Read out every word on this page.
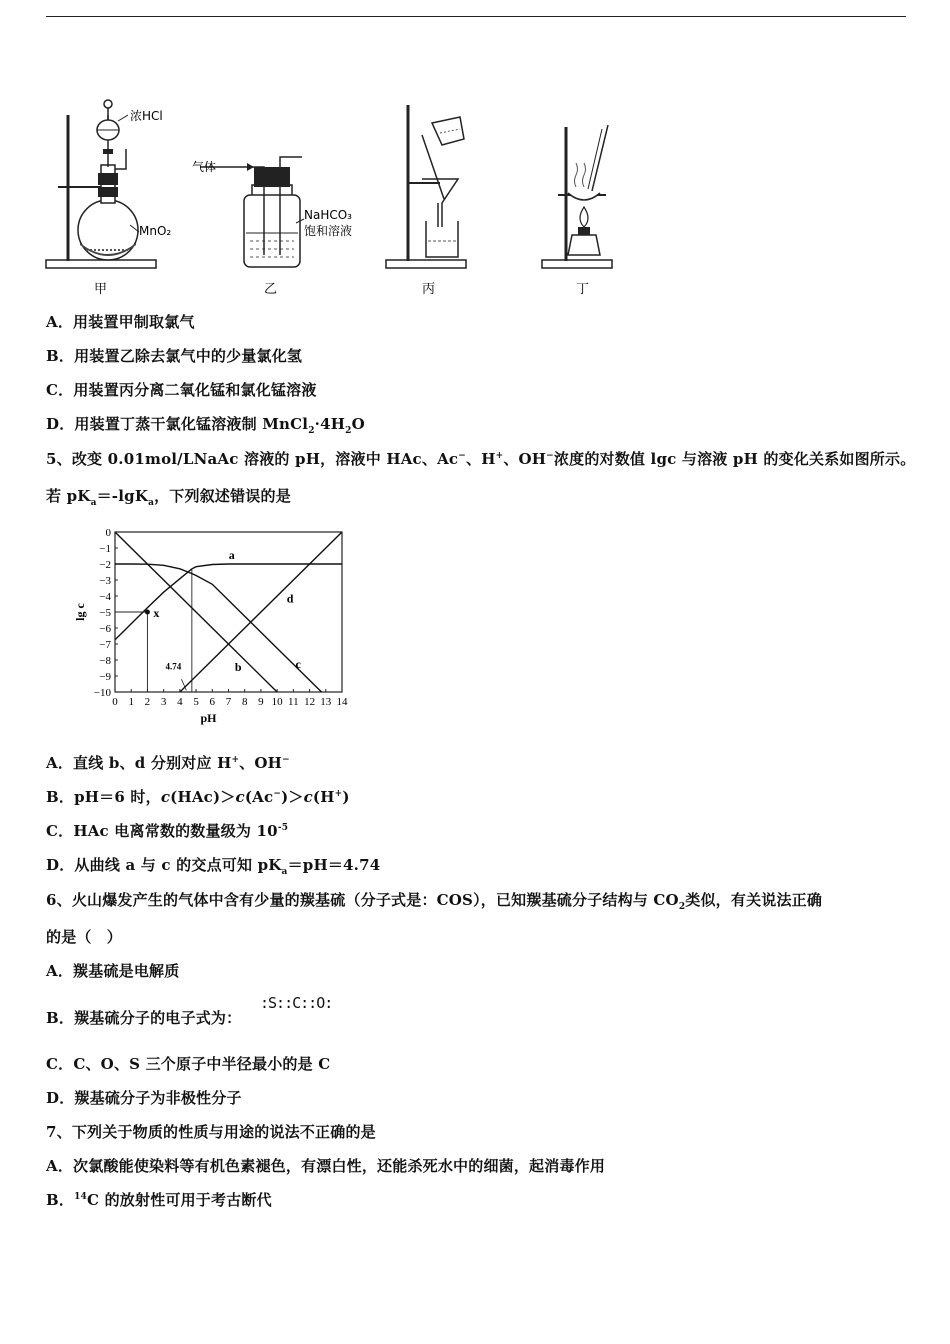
浓HCl
MnO₂
甲
气体
NaHCO₃
饱和溶液
乙	丙	丁
A．用装置甲制取氯气
B．用装置乙除去氯气中的少量氯化氢
C．用装置丙分离二氧化锰和氯化锰溶液
D．用装置丁蒸干氯化锰溶液制 $MnCl_2\cdot 4H_2O$
5、改变 0.01mol/LNaAc 溶液的 pH，溶液中 HAc、Ac−、H+、OH−浓度的对数值 lgc 与溶液 pH 的变化关系如图所示。
若 $pK_a=-\lg K_a$，下列叙述错误的是
0 1 2 3 4 5 6 7 8 9 10 11 12 13 14
0
−1
−2
−3
−4
−5
−6
−7
−8
−9
−10
pH
lg c
4.74
a
c
b
d
x
A．直线 b、d 分别对应 H+、OH−
B．pH＝6 时，c(HAc)＞c(Ac−)＞c(H+)
C．HAc 电离常数的数量级为 $10^{-5}$
D．从曲线 a 与 c 的交点可知 $pK_a=pH=4.74$
6、火山爆发产生的气体中含有少量的羰基硫（分子式是：COS），已知羰基硫分子结构与 $CO_2$类似，有关说法正确
的是（　）
A．羰基硫是电解质
B．羰基硫分子的电子式为：
:S::C::O:
C．C、O、S 三个原子中半径最小的是 C
D．羰基硫分子为非极性分子
7、下列关于物质的性质与用途的说法不正确的是
A．次氯酸能使染料等有机色素褪色，有漂白性，还能杀死水中的细菌，起消毒作用
B．$^{14}$C 的放射性可用于考古断代
